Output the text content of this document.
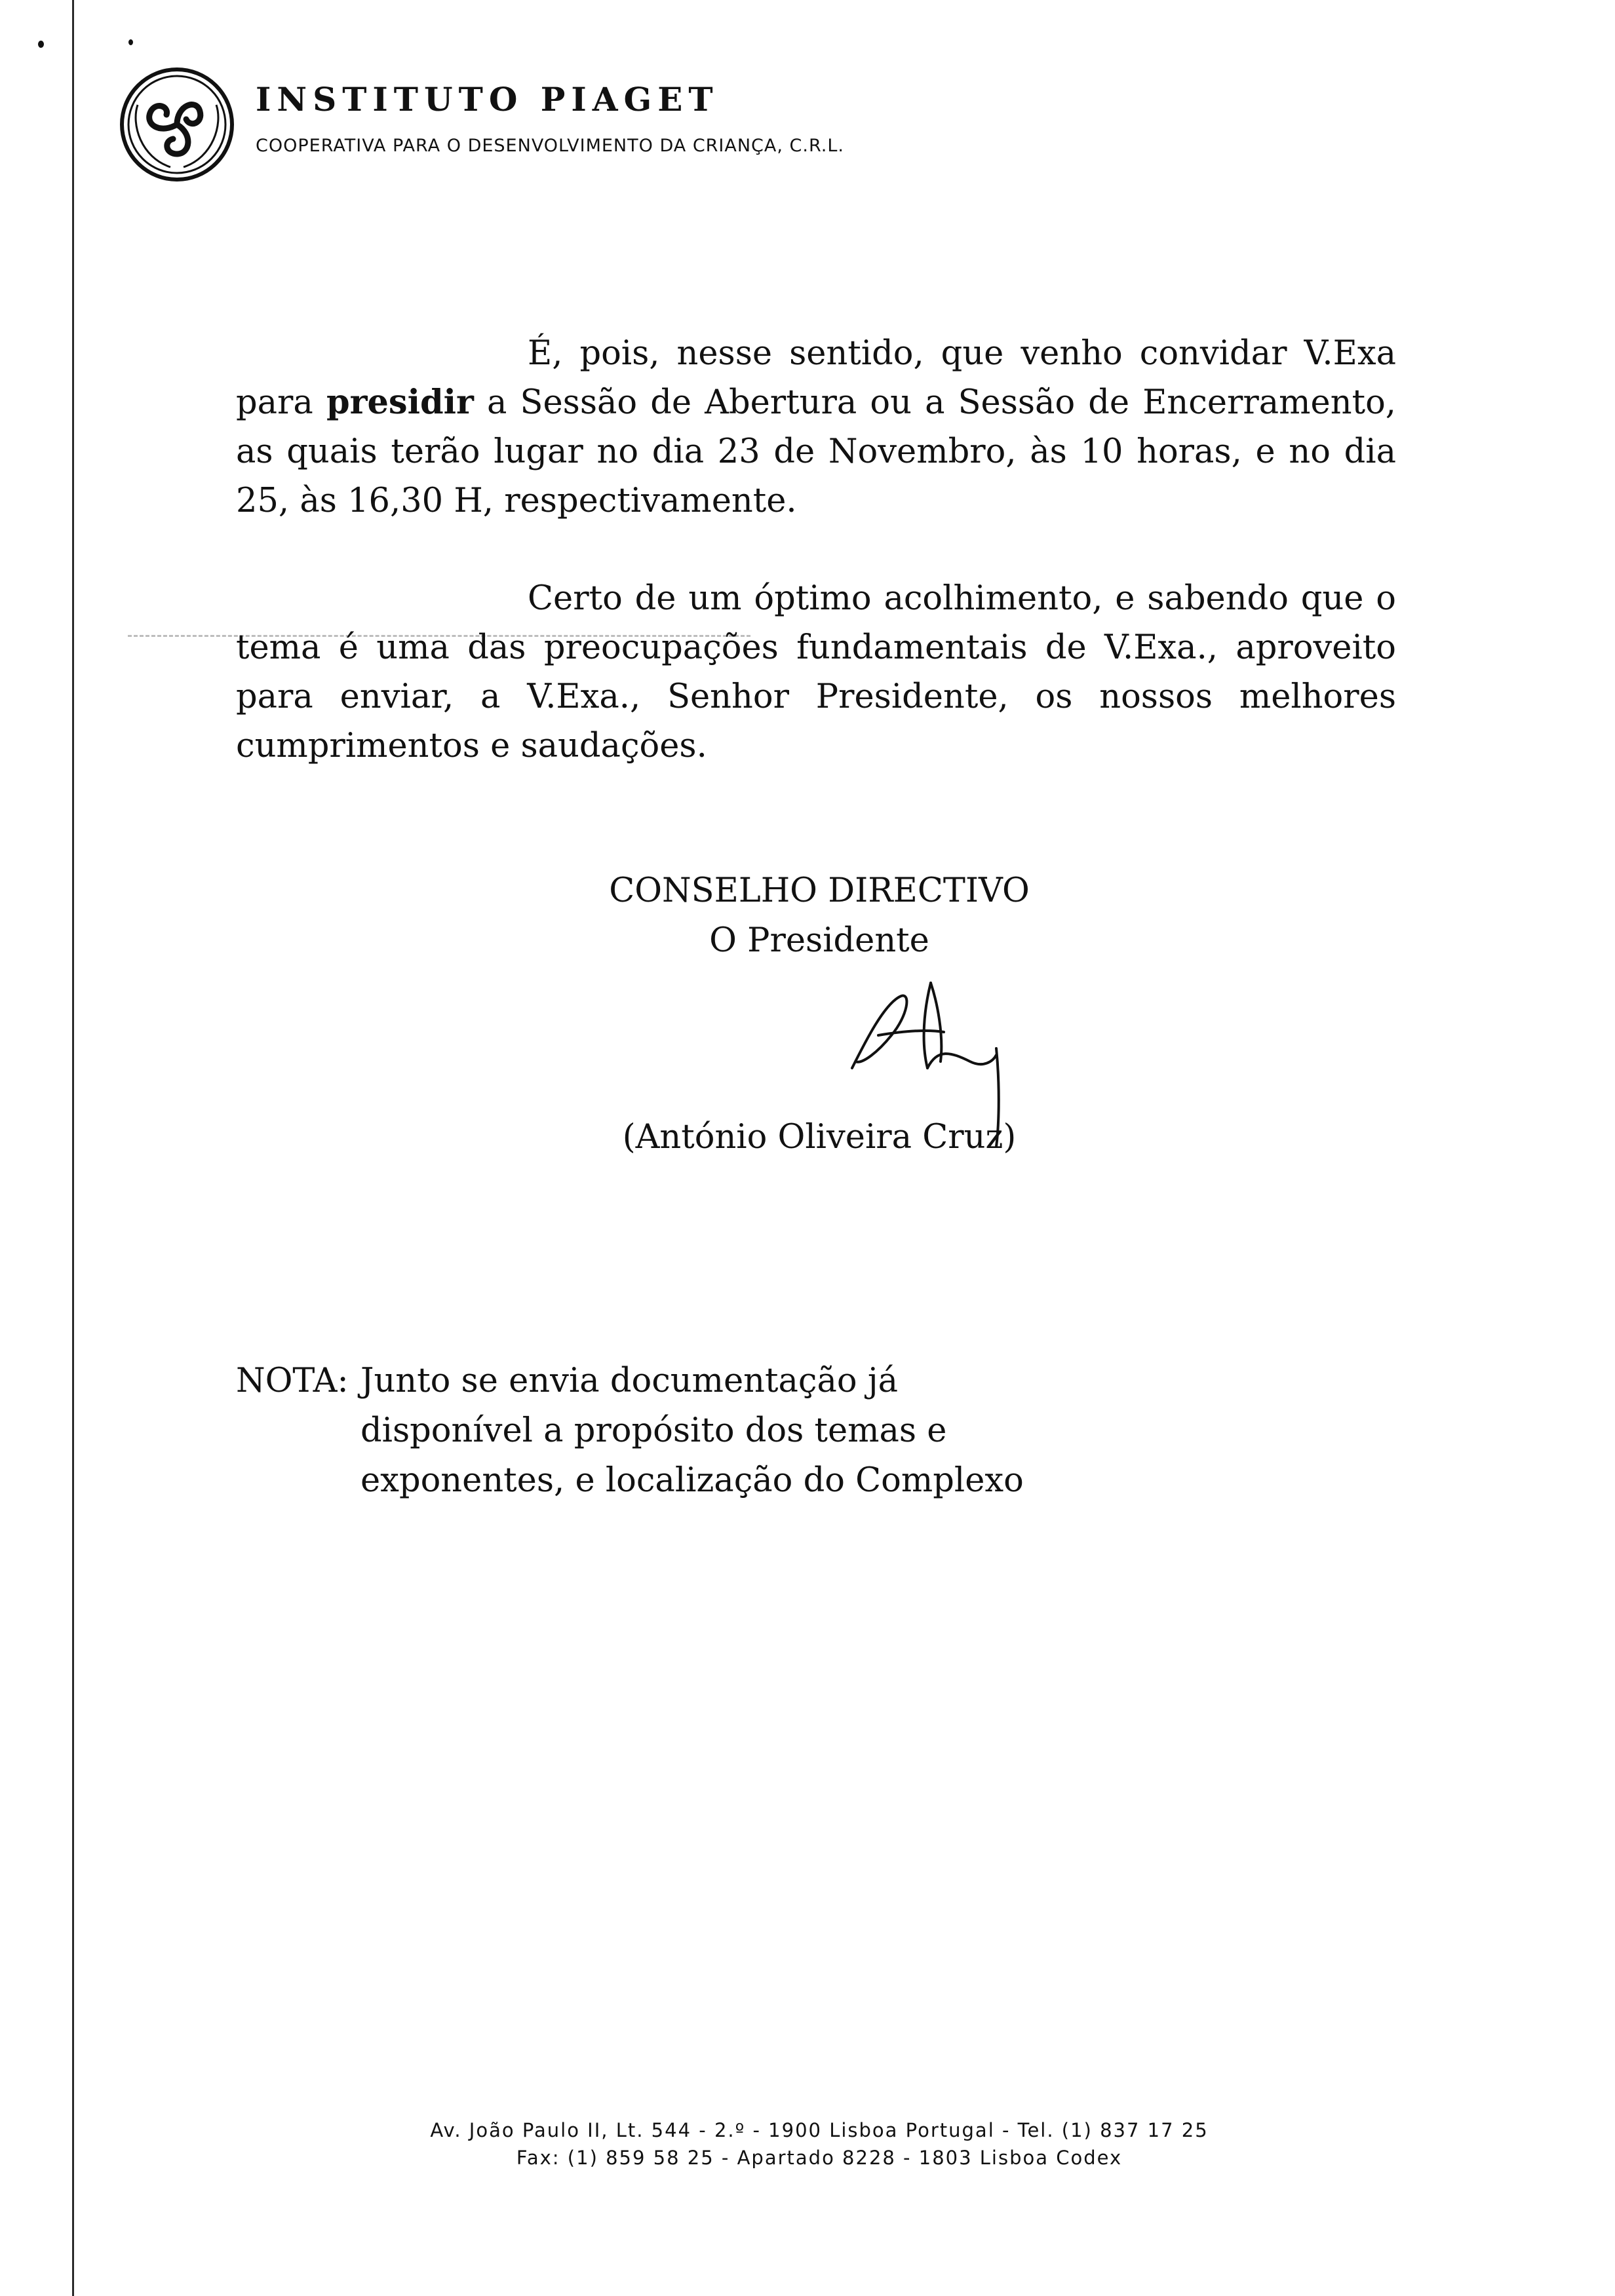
INSTITUTO PIAGET
COOPERATIVA PARA O DESENVOLVIMENTO DA CRIANÇA, C.R.L.
É, pois, nesse sentido, que venho convidar V.Exa para presidir a Sessão de Abertura ou a Sessão de Encerramento, as quais terão lugar no dia 23 de Novembro, às 10 horas, e no dia 25, às 16,30 H, respectivamente.
Certo de um óptimo acolhimento, e sabendo que o tema é uma das preocupações fundamentais de V.Exa., aproveito para enviar, a V.Exa., Senhor Presidente, os nossos melhores cumprimentos e saudações.
CONSELHO DIRECTIVO
O Presidente
(António Oliveira Cruz)
NOTA: Junto se envia documentação já
disponível a propósito dos temas e
exponentes, e localização do Complexo
Av. João Paulo II, Lt. 544 - 2.º - 1900 Lisboa Portugal - Tel. (1) 837 17 25
Fax: (1) 859 58 25 - Apartado 8228 - 1803 Lisboa Codex
